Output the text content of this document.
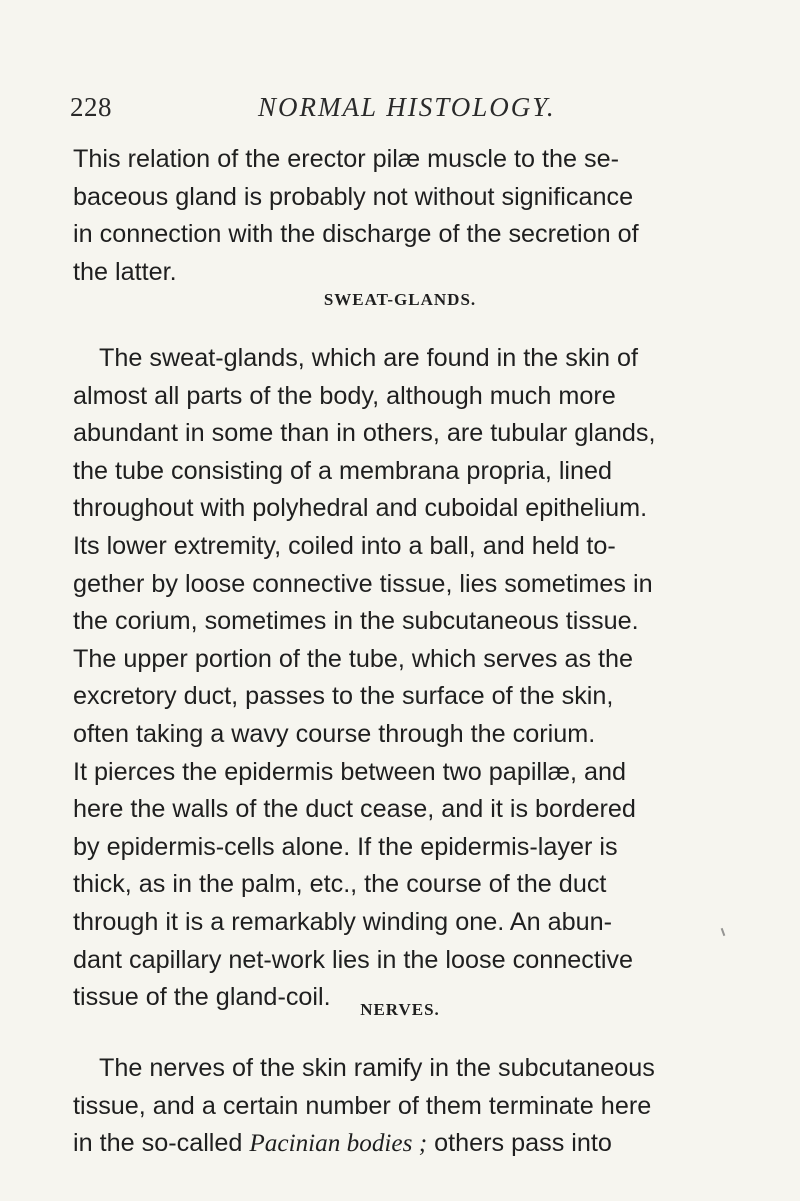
228	NORMAL HISTOLOGY.

This relation of the erector pilæ muscle to the se-
baceous gland is probably not without significance
in connection with the discharge of the secretion of
the latter.

SWEAT-GLANDS.

The sweat-glands, which are found in the skin of
almost all parts of the body, although much more
abundant in some than in others, are tubular glands,
the tube consisting of a membrana propria, lined
throughout with polyhedral and cuboidal epithelium.
Its lower extremity, coiled into a ball, and held to-
gether by loose connective tissue, lies sometimes in
the corium, sometimes in the subcutaneous tissue.
The upper portion of the tube, which serves as the
excretory duct, passes to the surface of the skin,
often taking a wavy course through the corium.
It pierces the epidermis between two papillæ, and
here the walls of the duct cease, and it is bordered
by epidermis-cells alone. If the epidermis-layer is
thick, as in the palm, etc., the course of the duct
through it is a remarkably winding one. An abun-
dant capillary net-work lies in the loose connective
tissue of the gland-coil.	NERVES.

The nerves of the skin ramify in the subcutaneous
tissue, and a certain number of them terminate here
in the so-called Pacinian bodies ; others pass into
